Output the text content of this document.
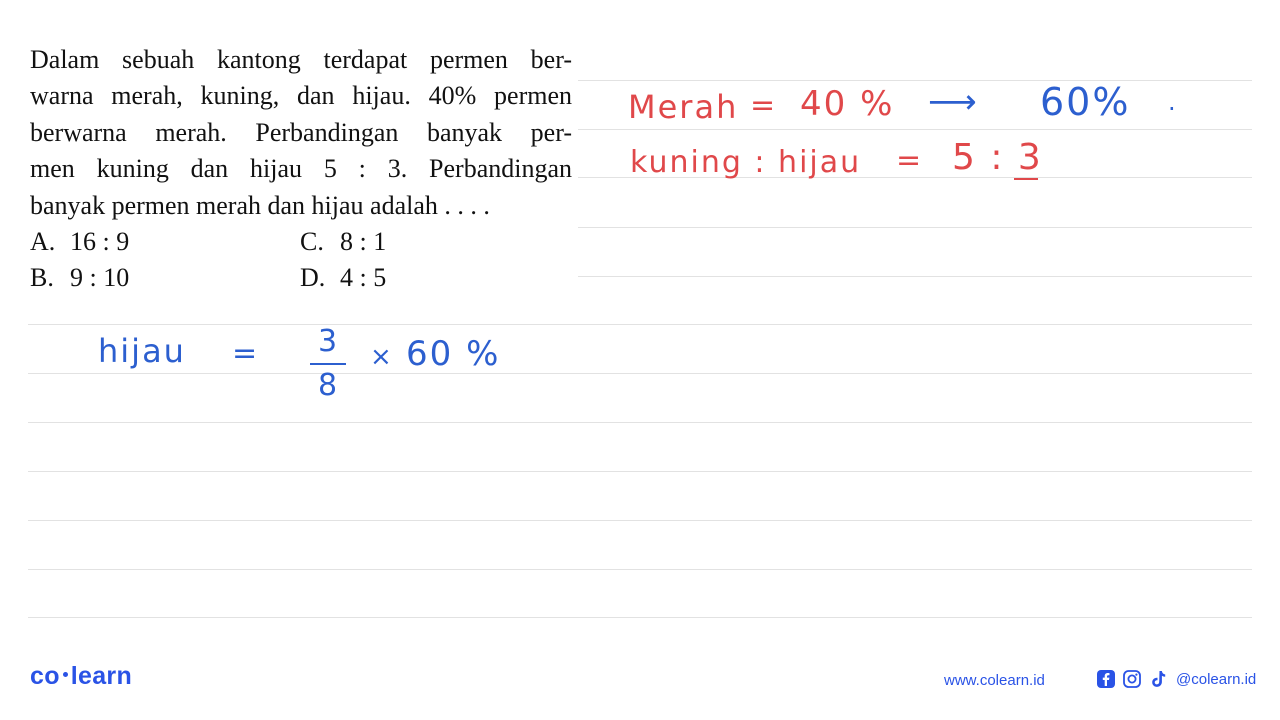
Dalam sebuah kantong terdapat permen ber-
warna merah, kuning, dan hijau. 40% permen
berwarna merah. Perbandingan banyak per-
men kuning dan hijau 5 : 3. Perbandingan
banyak permen merah dan hijau adalah . . . .
A. 16 : 9	C. 8 : 1
B. 9 : 10	D. 4 : 5
Merah = 40 % ⟶ 60% .
kuning : hijau = 5 : 3
hijau = 3
8
× 60 %
co learn	www.colearn.id	@colearn.id
